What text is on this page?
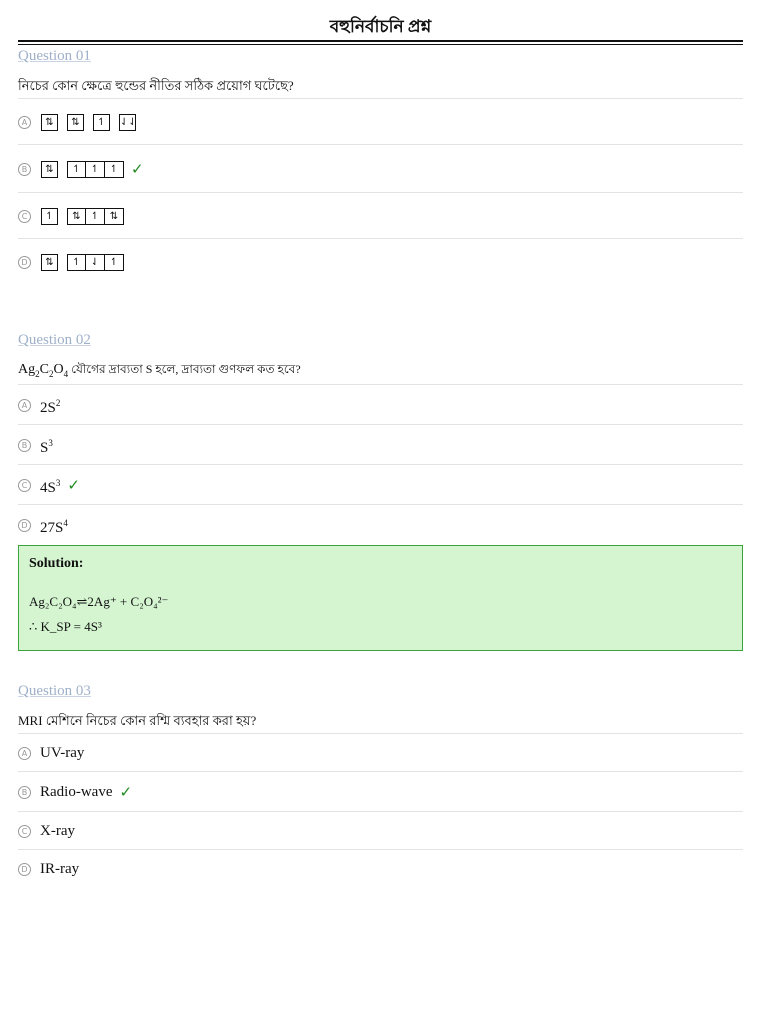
বহুনির্বাচনি প্রশ্ন
Question 01
নিচের কোন ক্ষেত্রে হুন্ডের নীতির সঠিক প্রয়োগ ঘটেছে?
A	⇅	⇅	↿	⇃⇃
B	⇅	↿	↿	↿ ✓
C	↿	⇅	↿	⇅
D	⇅	↿	⇃	↿
Question 02
$Ag_2C_2O_4$ যৌগের দ্রাব্যতা S হলে, দ্রাব্যতা গুণফল কত হবে?
A $2S^2$
B $S^3$
C $4S^3$ ✓
D $27S^4$
Solution:
Ag₂C₂O₄⇌2Ag⁺ + C₂O₄²⁻
∴ K_SP = 4S³
Question 03
MRI মেশিনে নিচের কোন রশ্মি ব্যবহার করা হয়?
A UV-ray
B Radio-wave ✓
C X-ray
D IR-ray
